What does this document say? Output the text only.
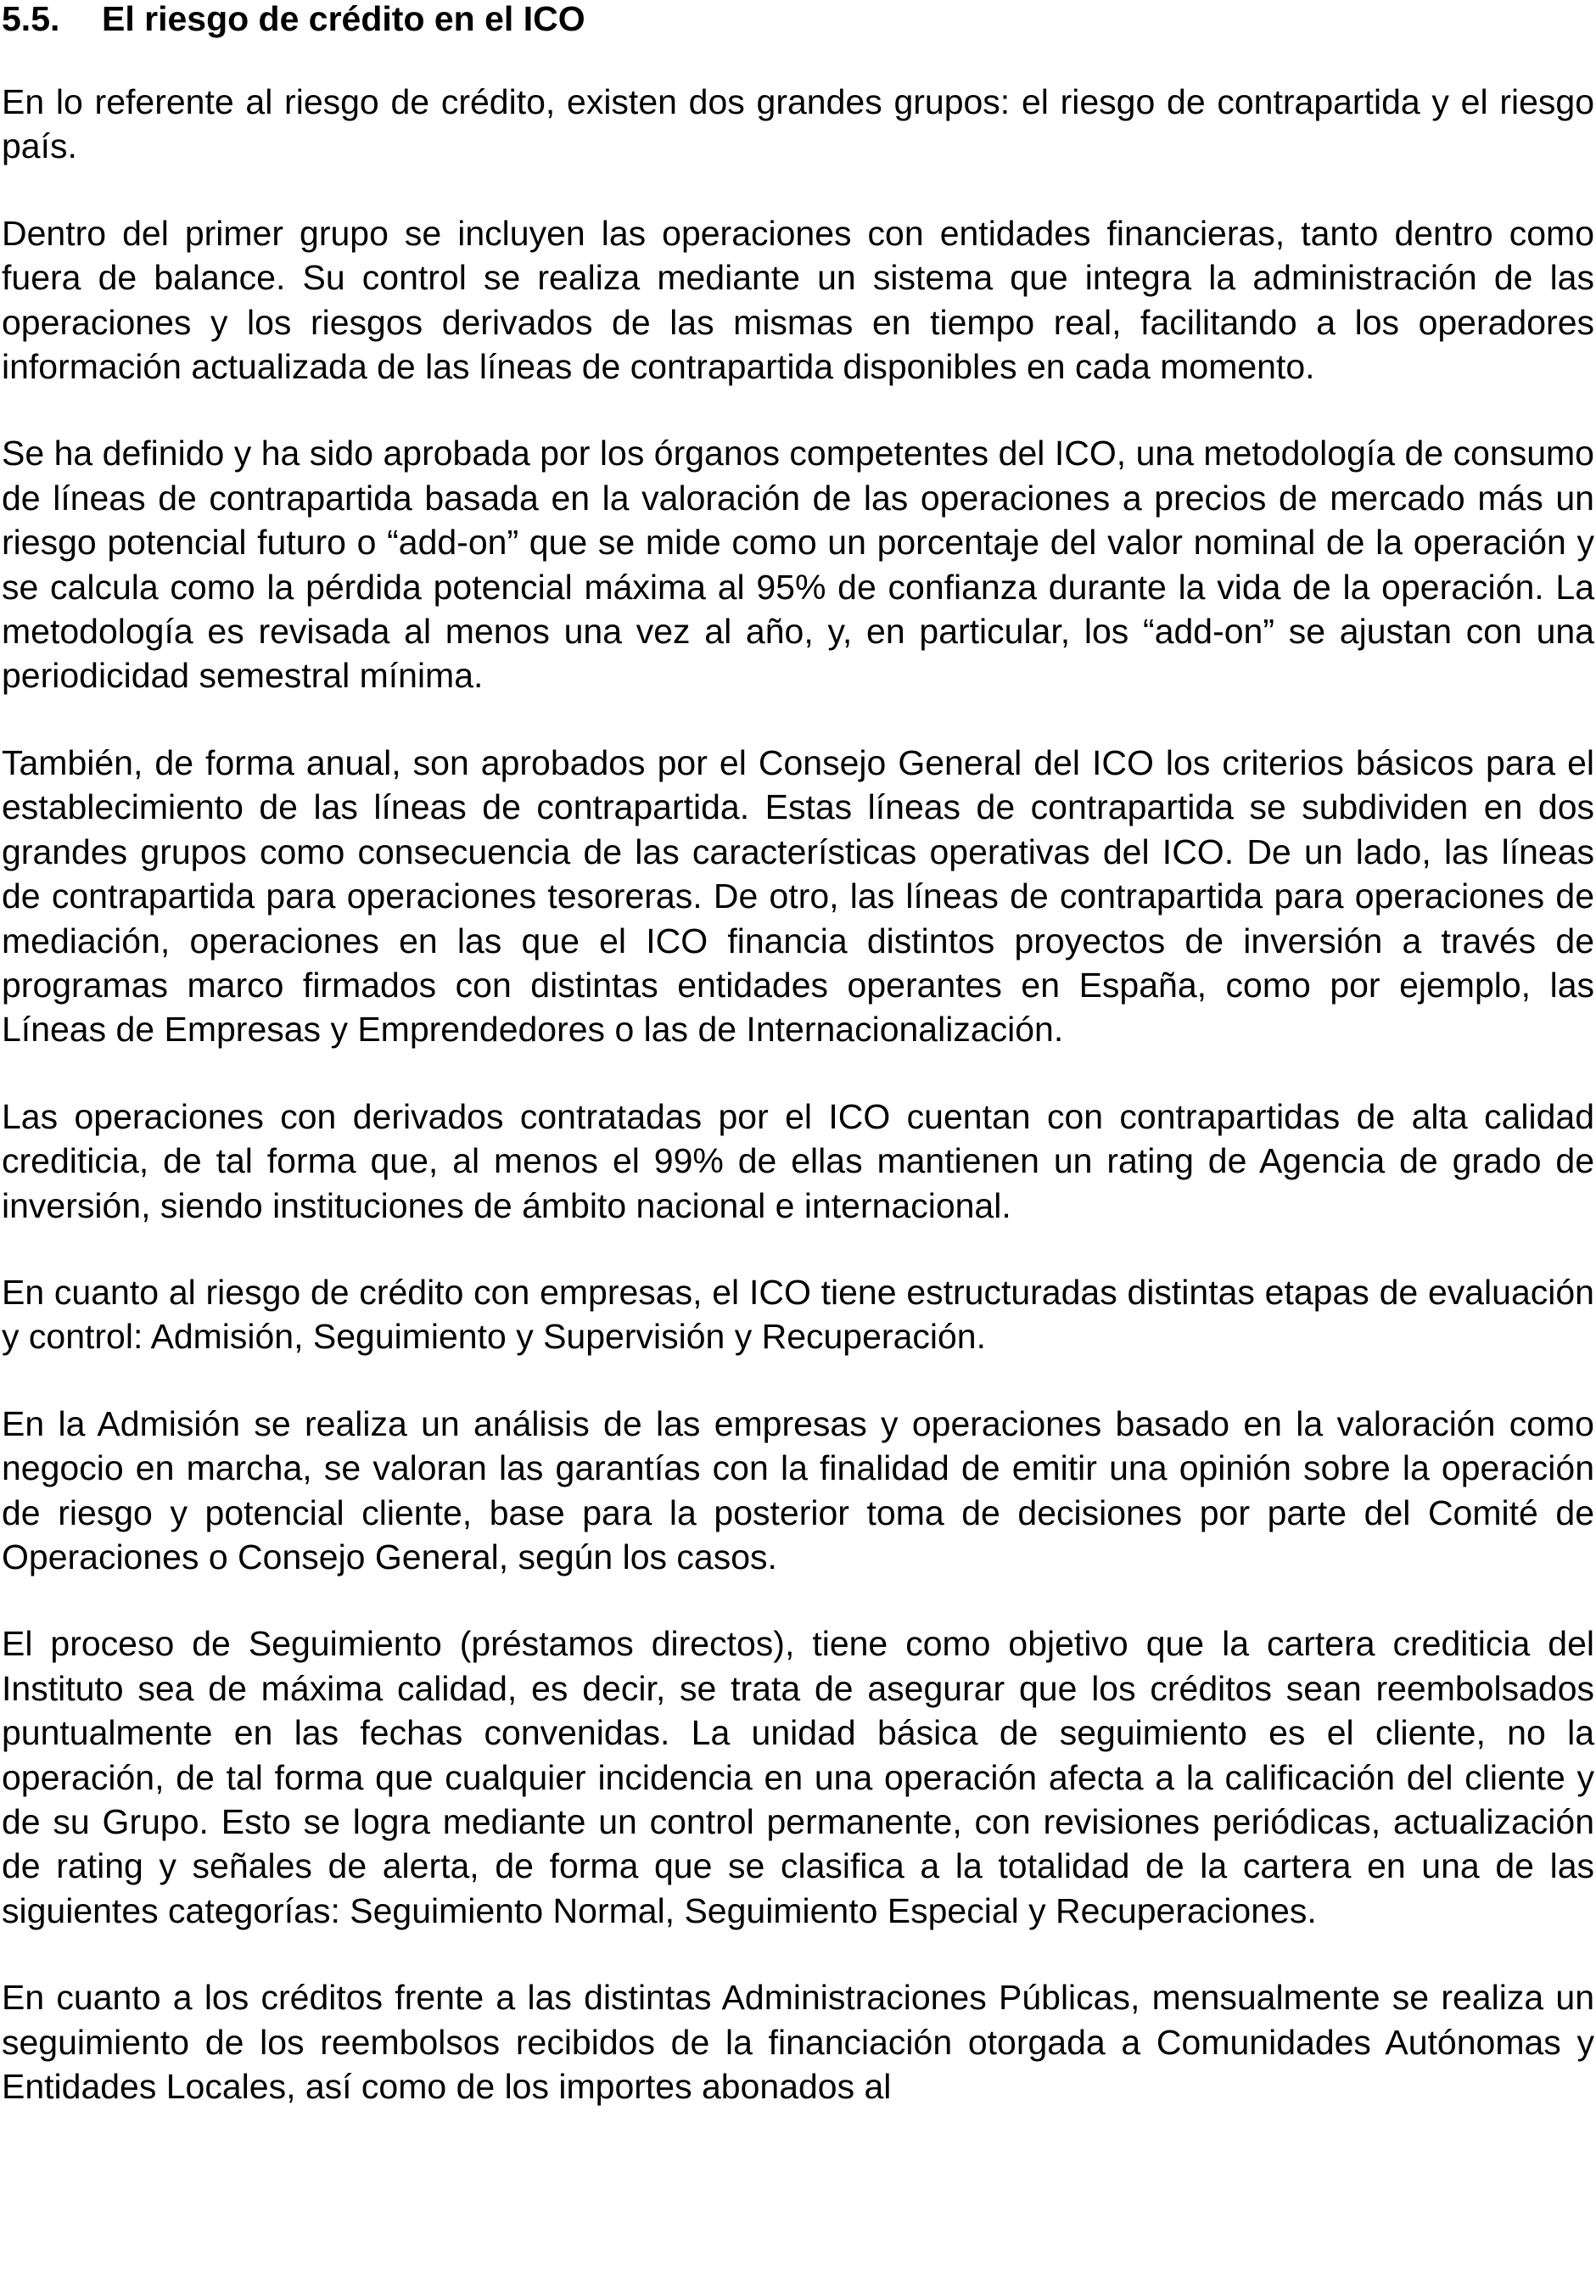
5.5.	El riesgo de crédito en el ICO

En lo referente al riesgo de crédito, existen dos grandes grupos: el riesgo de contrapartida y el riesgo país.

Dentro del primer grupo se incluyen las operaciones con entidades financieras, tanto dentro como fuera de balance. Su control se realiza mediante un sistema que integra la administración de las operaciones y los riesgos derivados de las mismas en tiempo real, facilitando a los operadores información actualizada de las líneas de contrapartida disponibles en cada momento.

Se ha definido y ha sido aprobada por los órganos competentes del ICO, una metodología de consumo de líneas de contrapartida basada en la valoración de las operaciones a precios de mercado más un riesgo potencial futuro o “add-on” que se mide como un porcentaje del valor nominal de la operación y se calcula como la pérdida potencial máxima al 95% de confianza durante la vida de la operación. La metodología es revisada al menos una vez al año, y, en particular, los “add-on” se ajustan con una periodicidad semestral mínima.

También, de forma anual, son aprobados por el Consejo General del ICO los criterios básicos para el establecimiento de las líneas de contrapartida. Estas líneas de contrapartida se subdividen en dos grandes grupos como consecuencia de las características operativas del ICO. De un lado, las líneas de contrapartida para operaciones tesoreras. De otro, las líneas de contrapartida para operaciones de mediación, operaciones en las que el ICO financia distintos proyectos de inversión a través de programas marco firmados con distintas entidades operantes en España, como por ejemplo, las Líneas de Empresas y Emprendedores o las de Internacionalización.

Las operaciones con derivados contratadas por el ICO cuentan con contrapartidas de alta calidad crediticia, de tal forma que, al menos el 99% de ellas mantienen un rating de Agencia de grado de inversión, siendo instituciones de ámbito nacional e internacional.

En cuanto al riesgo de crédito con empresas, el ICO tiene estructuradas distintas etapas de evaluación y control: Admisión, Seguimiento y Supervisión y Recuperación.

En la Admisión se realiza un análisis de las empresas y operaciones basado en la valoración como negocio en marcha, se valoran las garantías con la finalidad de emitir una opinión sobre la operación de riesgo y potencial cliente, base para la posterior toma de decisiones por parte del Comité de Operaciones o Consejo General, según los casos.

El proceso de Seguimiento (préstamos directos), tiene como objetivo que la cartera crediticia del Instituto sea de máxima calidad, es decir, se trata de asegurar que los créditos sean reembolsados puntualmente en las fechas convenidas. La unidad básica de seguimiento es el cliente, no la operación, de tal forma que cualquier incidencia en una operación afecta a la calificación del cliente y de su Grupo. Esto se logra mediante un control permanente, con revisiones periódicas, actualización de rating y señales de alerta, de forma que se clasifica a la totalidad de la cartera en una de las siguientes categorías: Seguimiento Normal, Seguimiento Especial y Recuperaciones.

En cuanto a los créditos frente a las distintas Administraciones Públicas, mensualmente se realiza un seguimiento de los reembolsos recibidos de la financiación otorgada a Comunidades Autónomas y Entidades Locales, así como de los importes abonados al
